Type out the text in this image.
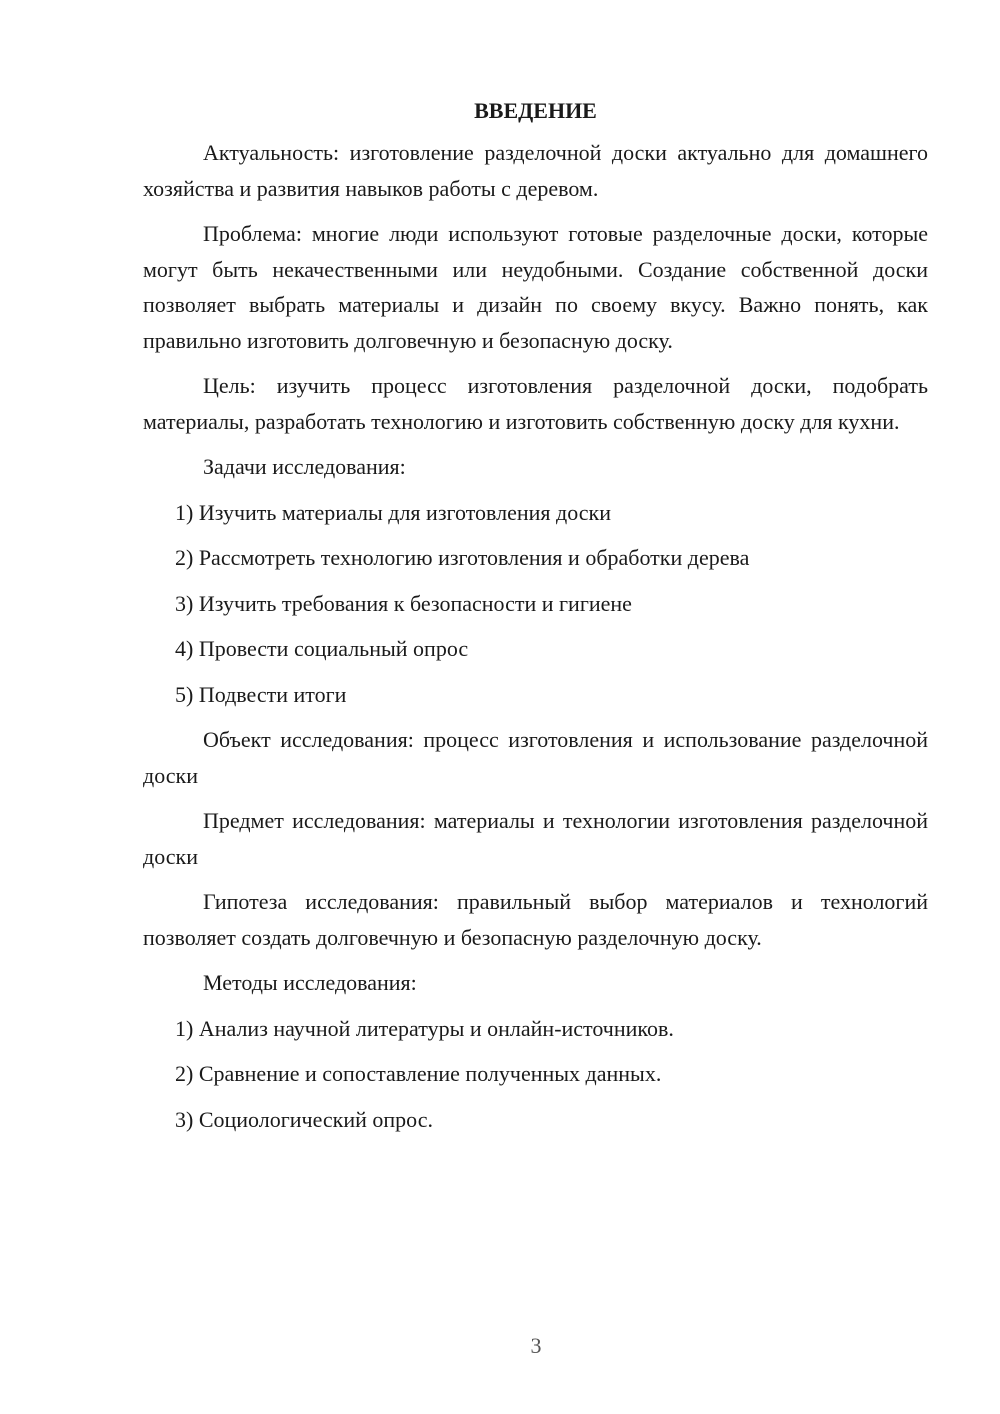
ВВЕДЕНИЕ
Актуальность: изготовление разделочной доски актуально для домашнего хозяйства и развития навыков работы с деревом.
Проблема: многие люди используют готовые разделочные доски, которые могут быть некачественными или неудобными. Создание собственной доски позволяет выбрать материалы и дизайн по своему вкусу. Важно понять, как правильно изготовить долговечную и безопасную доску.
Цель: изучить процесс изготовления разделочной доски, подобрать материалы, разработать технологию и изготовить собственную доску для кухни.
Задачи исследования:
1) Изучить материалы для изготовления доски
2) Рассмотреть технологию изготовления и обработки дерева
3) Изучить требования к безопасности и гигиене
4) Провести социальный опрос
5) Подвести итоги
Объект исследования: процесс изготовления и использование разделочной доски
Предмет исследования: материалы и технологии изготовления разделочной доски
Гипотеза исследования: правильный выбор материалов и технологий позволяет создать долговечную и безопасную разделочную доску.
Методы исследования:
1) Анализ научной литературы и онлайн-источников.
2) Сравнение и сопоставление полученных данных.
3) Социологический опрос.
3
